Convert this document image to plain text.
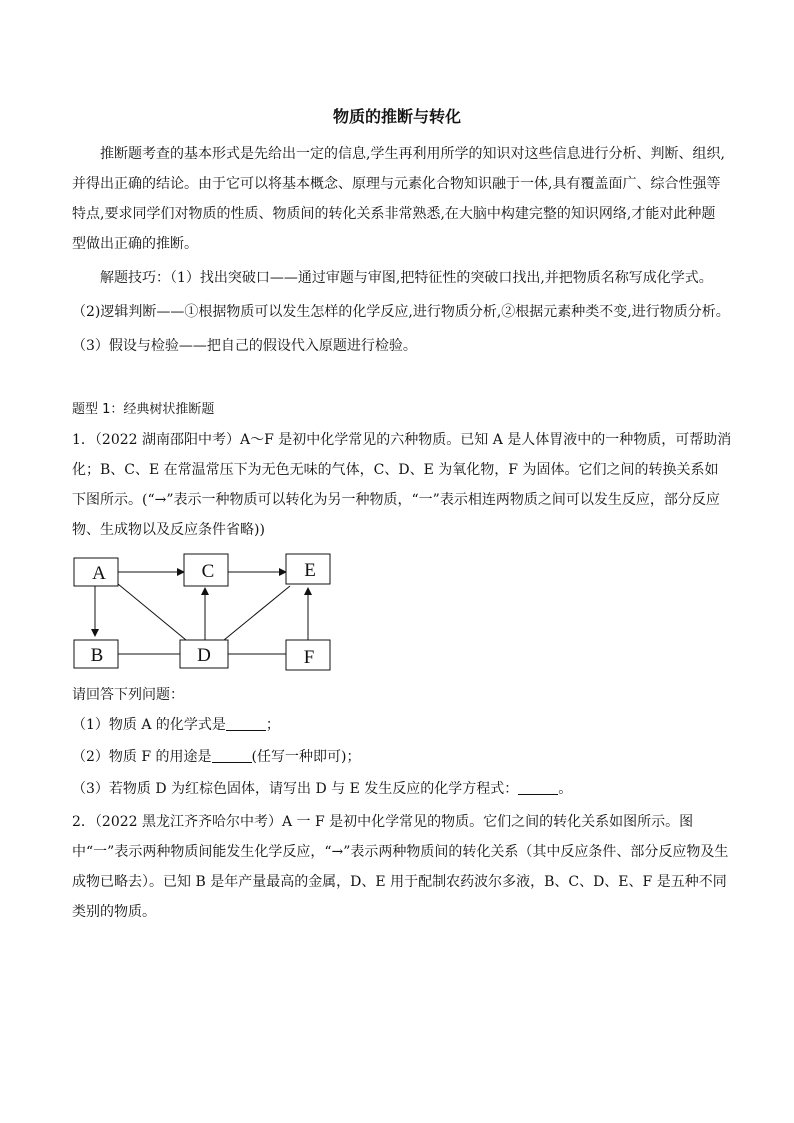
物质的推断与转化

推断题考查的基本形式是先给出一定的信息,学生再利用所学的知识对这些信息进行分析、判断、组织,并得出正确的结论。由于它可以将基本概念、原理与元素化合物知识融于一体,具有覆盖面广、综合性强等特点,要求同学们对物质的性质、物质间的转化关系非常熟悉,在大脑中构建完整的知识网络,才能对此种题型做出正确的推断。

解题技巧：（1）找出突破口——通过审题与审图,把特征性的突破口找出,并把物质名称写成化学式。

（2)逻辑判断——①根据物质可以发生怎样的化学反应,进行物质分析,②根据元素种类不变,进行物质分析。

（3）假设与检验——把自己的假设代入原题进行检验。

题型 1：经典树状推断题

1．（2022 湖南邵阳中考）A～F 是初中化学常见的六种物质。已知 A 是人体胃液中的一种物质，可帮助消化；B、C、E 在常温常压下为无色无味的气体，C、D、E 为氧化物，F 为固体。它们之间的转换关系如下图所示。(“→”表示一种物质可以转化为另一种物质，“一”表示相连两物质之间可以发生反应，部分反应物、生成物以及反应条件省略))

A	C	E
B	D	F

请回答下列问题：

（1）物质 A 的化学式是	；

（2）物质 F 的用途是	(任写一种即可)；

（3）若物质 D 为红棕色固体，请写出 D 与 E 发生反应的化学方程式：	。

2．（2022 黑龙江齐齐哈尔中考）A 一 F 是初中化学常见的物质。它们之间的转化关系如图所示。图中“一”表示两种物质间能发生化学反应，“→”表示两种物质间的转化关系（其中反应条件、部分反应物及生成物已略去）。已知 B 是年产量最高的金属，D、E 用于配制农药波尔多液，B、C、D、E、F 是五种不同类别的物质。
